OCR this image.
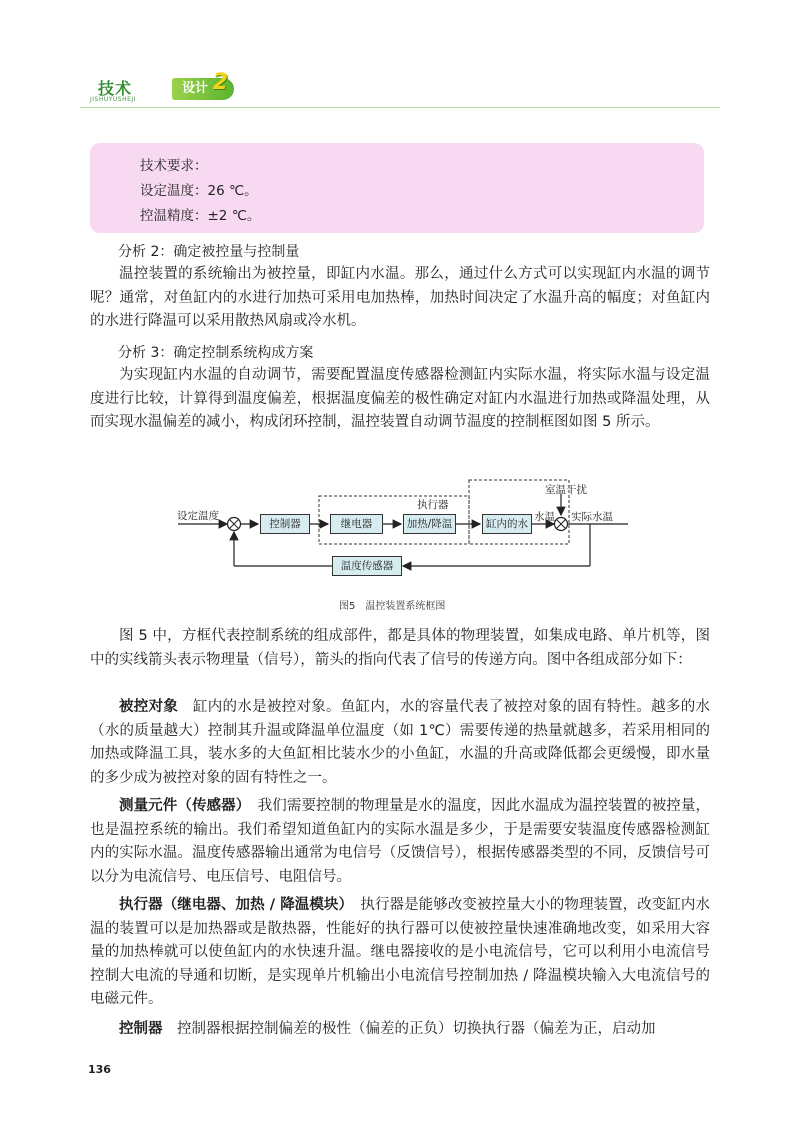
技术
JISHUYUSHEJI
设计 2
技术要求：
设定温度：26 ℃。
控温精度：±2 ℃。
分析 2：确定被控量与控制量

温控装置的系统输出为被控量，即缸内水温。那么，通过什么方式可以实现缸内水温的调节呢？通常，对鱼缸内的水进行加热可采用电加热棒，加热时间决定了水温升高的幅度；对鱼缸内的水进行降温可以采用散热风扇或冷水机。

分析 3：确定控制系统构成方案

为实现缸内水温的自动调节，需要配置温度传感器检测缸内实际水温，将实际水温与设定温度进行比较，计算得到温度偏差，根据温度偏差的极性确定对缸内水温进行加热或降温处理，从而实现水温偏差的减小，构成闭环控制，温控装置自动调节温度的控制框图如图 5 所示。

设定温度
控制器	继电器	加热/降温
执行器
缸内的水
水温
室温干扰
实际水温
温度传感器
图5　温控装置系统框图

图 5 中，方框代表控制系统的组成部件，都是具体的物理装置，如集成电路、单片机等，图中的实线箭头表示物理量（信号），箭头的指向代表了信号的传递方向。图中各组成部分如下：

被控对象　 缸内的水是被控对象。鱼缸内，水的容量代表了被控对象的固有特性。越多的水（水的质量越大）控制其升温或降温单位温度（如 1℃）需要传递的热量就越多，若采用相同的加热或降温工具，装水多的大鱼缸相比装水少的小鱼缸，水温的升高或降低都会更缓慢，即水量的多少成为被控对象的固有特性之一。

测量元件（传感器）　 我们需要控制的物理量是水的温度，因此水温成为温控装置的被控量，也是温控系统的输出。我们希望知道鱼缸内的实际水温是多少，于是需要安装温度传感器检测缸内的实际水温。温度传感器输出通常为电信号（反馈信号），根据传感器类型的不同，反馈信号可以分为电流信号、电压信号、电阻信号。

执行器（继电器、加热 / 降温模块）　 执行器是能够改变被控量大小的物理装置，改变缸内水温的装置可以是加热器或是散热器，性能好的执行器可以使被控量快速准确地改变，如采用大容量的加热棒就可以使鱼缸内的水快速升温。继电器接收的是小电流信号，它可以利用小电流信号控制大电流的导通和切断，是实现单片机输出小电流信号控制加热 / 降温模块输入大电流信号的电磁元件。

控制器　 控制器根据控制偏差的极性（偏差的正负）切换执行器（偏差为正，启动加

136
